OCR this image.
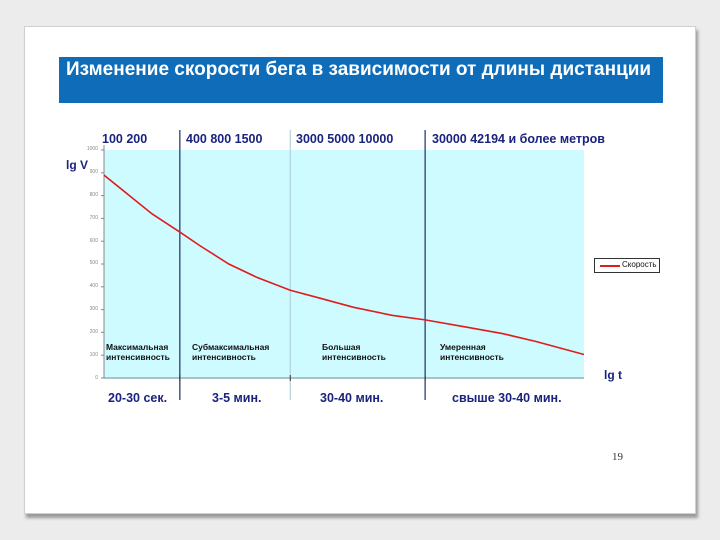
Изменение скорости бега в зависимости от длины дистанции
100 200	400 800 1500	3000 5000 10000	30000 42194 и более метров
lg V
lg t
1000
900
800
700
600
500
400
300
200
100
0
Максимальная
интенсивность
Субмаксимальная
интенсивность
Большая
интенсивность
Умеренная
интенсивность
20-30 сек.	3-5 мин.	30-40 мин.	свыше 30-40 мин.
Скорость
19
